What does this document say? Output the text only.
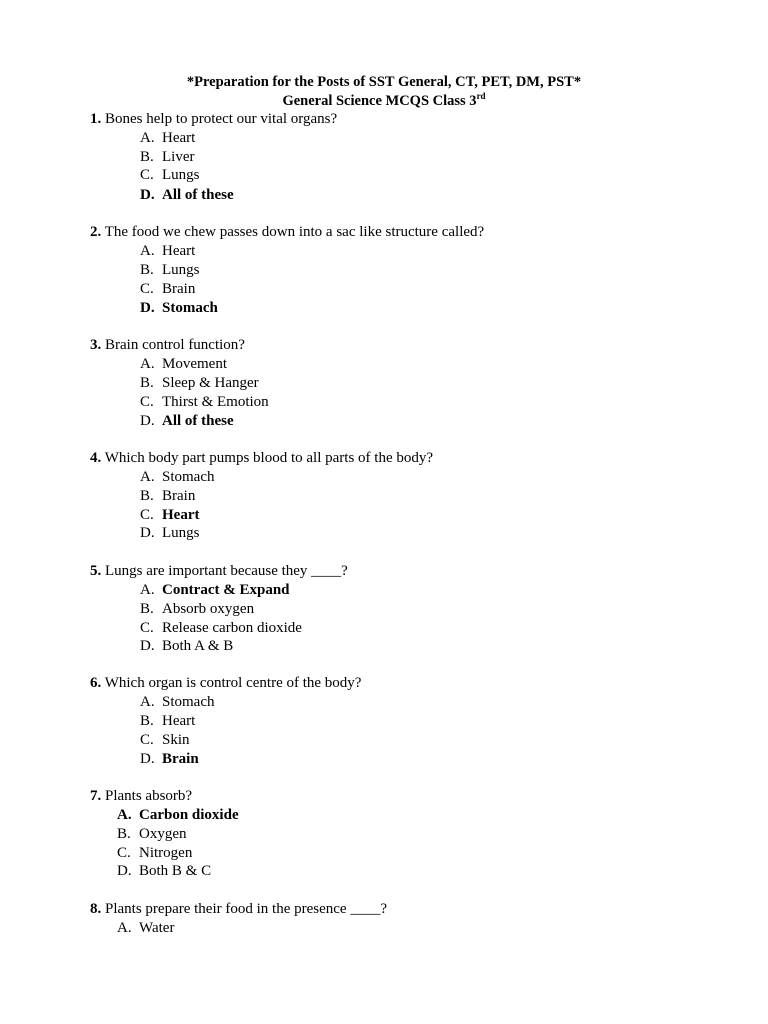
*Preparation for the Posts of SST General, CT, PET, DM, PST*
General Science MCQS Class 3rd
1. Bones help to protect our vital organs?
A. Heart
B. Liver
C. Lungs
D. All of these
2. The food we chew passes down into a sac like structure called?
A. Heart
B. Lungs
C. Brain
D. Stomach
3. Brain control function?
A. Movement
B. Sleep & Hanger
C. Thirst & Emotion
D. All of these
4. Which body part pumps blood to all parts of the body?
A. Stomach
B. Brain
C. Heart
D. Lungs
5. Lungs are important because they ____?
A. Contract & Expand
B. Absorb oxygen
C. Release carbon dioxide
D. Both A & B
6. Which organ is control centre of the body?
A. Stomach
B. Heart
C. Skin
D. Brain
7. Plants absorb?
A. Carbon dioxide
B. Oxygen
C. Nitrogen
D. Both B & C
8. Plants prepare their food in the presence ____?
A. Water
